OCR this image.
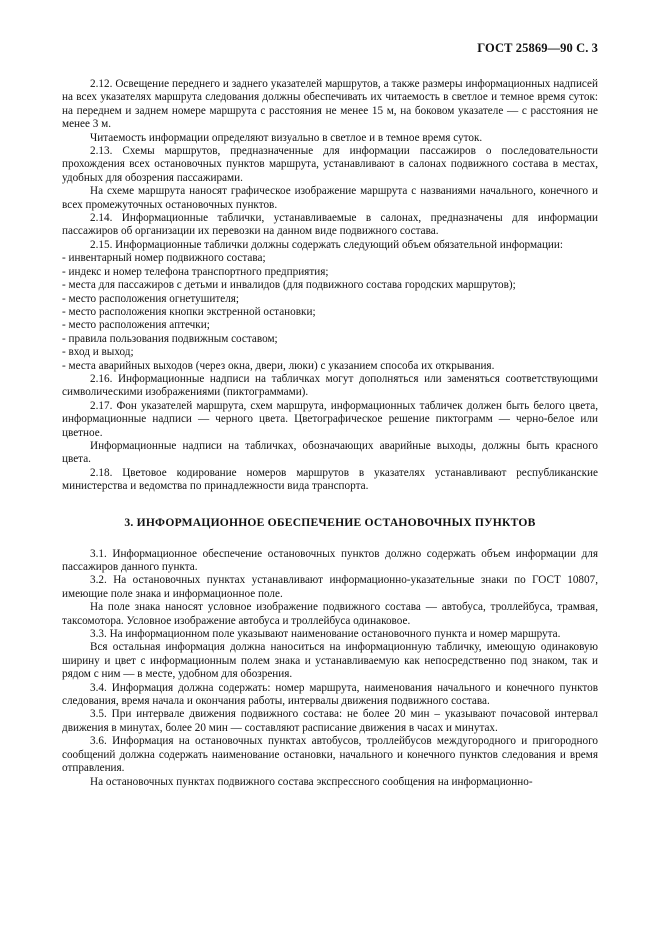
ГОСТ 25869—90 С. 3

2.12. Освещение переднего и заднего указателей маршрутов, а также размеры информационных надписей на всех указателях маршрута следования должны обеспечивать их читаемость в светлое и темное время суток: на переднем и заднем номере маршрута с расстояния не менее 15 м, на боковом указателе — с расстояния не менее 3 м.

Читаемость информации определяют визуально в светлое и в темное время суток.

2.13. Схемы маршрутов, предназначенные для информации пассажиров о последовательности прохождения всех остановочных пунктов маршрута, устанавливают в салонах подвижного состава в местах, удобных для обозрения пассажирами.

На схеме маршрута наносят графическое изображение маршрута с названиями начального, конечного и всех промежуточных остановочных пунктов.

2.14. Информационные таблички, устанавливаемые в салонах, предназначены для информации пассажиров об организации их перевозки на данном виде подвижного состава.

2.15. Информационные таблички должны содержать следующий объем обязательной информации:

- инвентарный номер подвижного состава;

- индекс и номер телефона транспортного предприятия;

- места для пассажиров с детьми и инвалидов (для подвижного состава городских маршрутов);

- место расположения огнетушителя;

- место расположения кнопки экстренной остановки;

- место расположения аптечки;

- правила пользования подвижным составом;

- вход и выход;

- места аварийных выходов (через окна, двери, люки) с указанием способа их открывания.

2.16. Информационные надписи на табличках могут дополняться или заменяться соответствующими символическими изображениями (пиктограммами).

2.17. Фон указателей маршрута, схем маршрута, информационных табличек должен быть белого цвета, информационные надписи — черного цвета. Цветографическое решение пиктограмм — черно-белое или цветное.

Информационные надписи на табличках, обозначающих аварийные выходы, должны быть красного цвета.

2.18. Цветовое кодирование номеров маршрутов в указателях устанавливают республиканские министерства и ведомства по принадлежности вида транспорта.

3. ИНФОРМАЦИОННОЕ ОБЕСПЕЧЕНИЕ ОСТАНОВОЧНЫХ ПУНКТОВ

3.1. Информационное обеспечение остановочных пунктов должно содержать объем информации для пассажиров данного пункта.

3.2. На остановочных пунктах устанавливают информационно-указательные знаки по ГОСТ 10807, имеющие поле знака и информационное поле.

На поле знака наносят условное изображение подвижного состава — автобуса, троллейбуса, трамвая, таксомотора. Условное изображение автобуса и троллейбуса одинаковое.

3.3. На информационном поле указывают наименование остановочного пункта и номер маршрута.

Вся остальная информация должна наноситься на информационную табличку, имеющую одинаковую ширину и цвет с информационным полем знака и устанавливаемую как непосредственно под знаком, так и рядом с ним — в месте, удобном для обозрения.

3.4. Информация должна содержать: номер маршрута, наименования начального и конечного пунктов следования, время начала и окончания работы, интервалы движения подвижного состава.

3.5. При интервале движения подвижного состава: не более 20 мин – указывают почасовой интервал движения в минутах, более 20 мин — составляют расписание движения в часах и минутах.

3.6. Информация на остановочных пунктах автобусов, троллейбусов междугородного и пригородного сообщений должна содержать наименование остановки, начального и конечного пунктов следования и время отправления.

На остановочных пунктах подвижного состава экспрессного сообщения на информационно-
